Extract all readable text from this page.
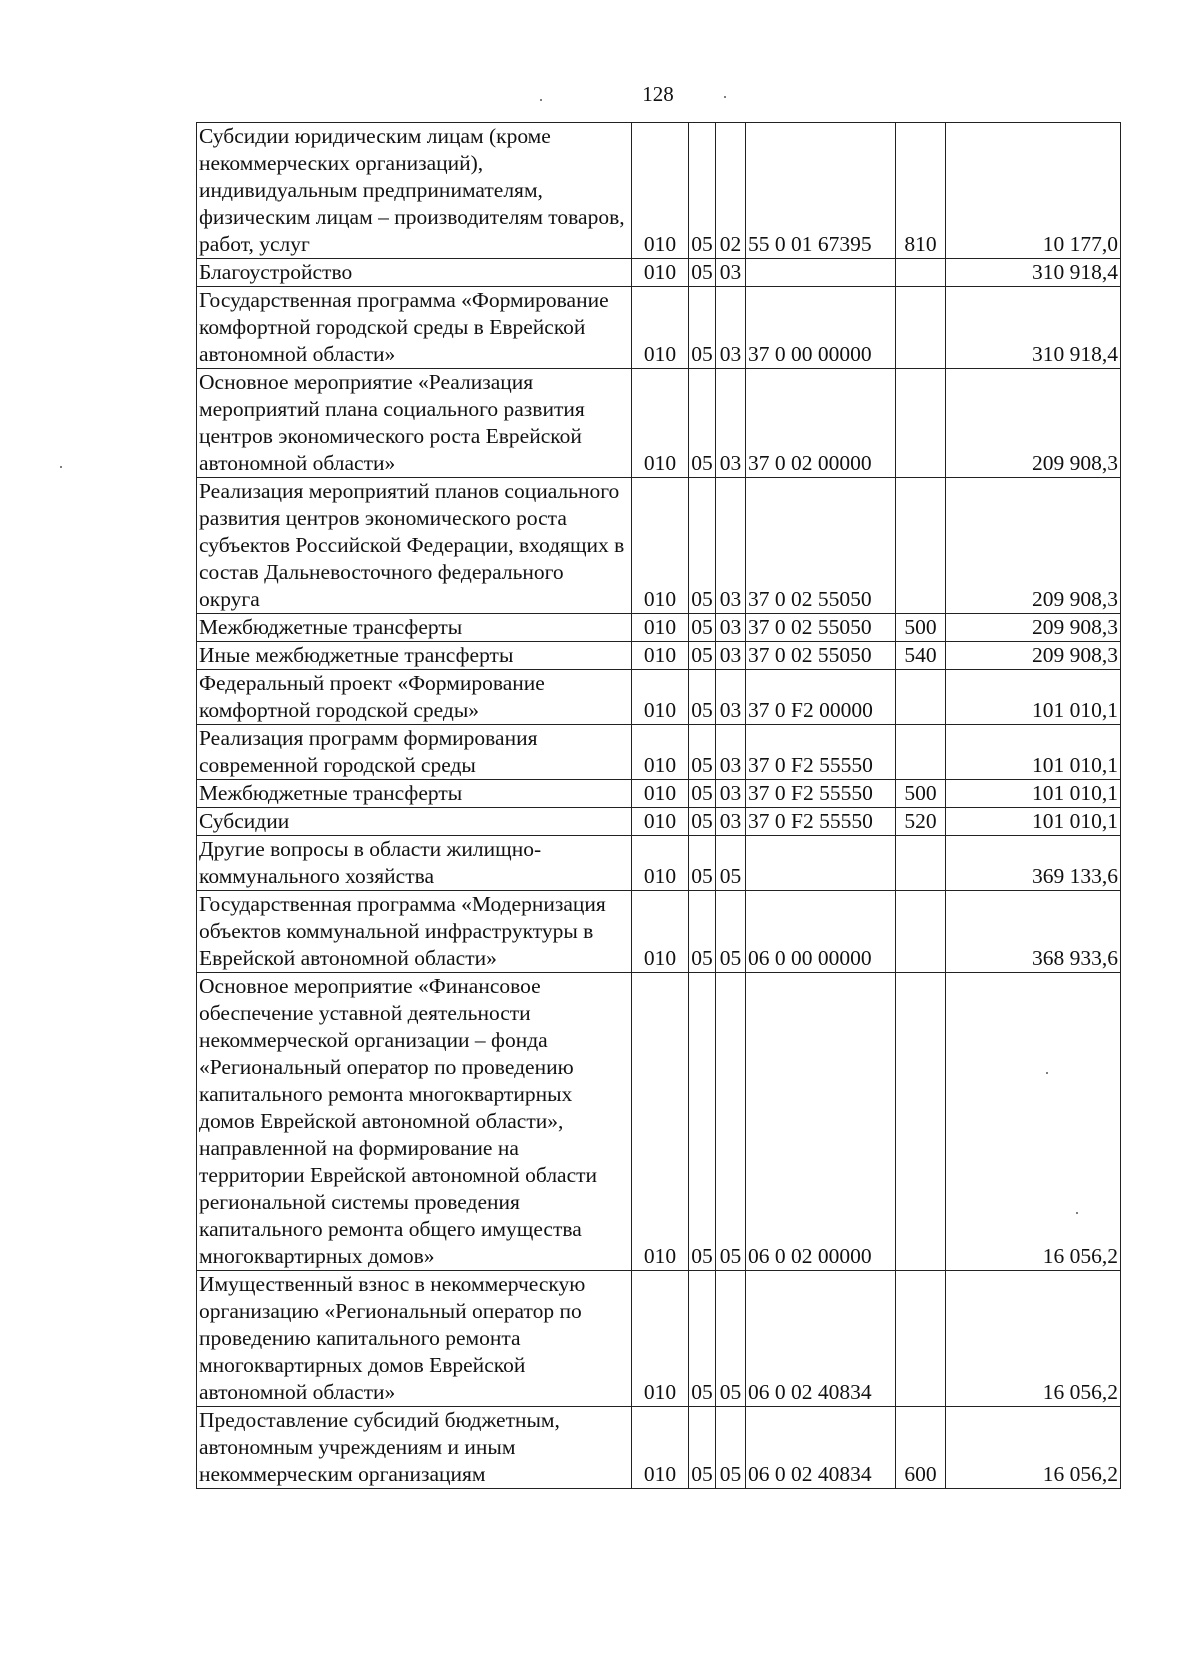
128
Субсидии юридическим лицам (кроме некоммерческих организаций), индивидуальным предпринимателям, физическим лицам – производителям товаров, работ, услуг	010	05	02	55 0 01 67395	810	10 177,0
Благоустройство	010	05	03			310 918,4
Государственная программа «Формирование комфортной городской среды в Еврейской автономной области»	010	05	03	37 0 00 00000		310 918,4
Основное мероприятие «Реализация мероприятий плана социального развития центров экономического роста Еврейской автономной области»	010	05	03	37 0 02 00000		209 908,3
Реализация мероприятий планов социального развития центров экономического роста субъектов Российской Федерации, входящих в состав Дальневосточного федерального округа	010	05	03	37 0 02 55050		209 908,3
Межбюджетные трансферты	010	05	03	37 0 02 55050	500	209 908,3
Иные межбюджетные трансферты	010	05	03	37 0 02 55050	540	209 908,3
Федеральный проект «Формирование комфортной городской среды»	010	05	03	37 0 F2 00000		101 010,1
Реализация программ формирования современной городской среды	010	05	03	37 0 F2 55550		101 010,1
Межбюджетные трансферты	010	05	03	37 0 F2 55550	500	101 010,1
Субсидии	010	05	03	37 0 F2 55550	520	101 010,1
Другие вопросы в области жилищно-коммунального хозяйства	010	05	05			369 133,6
Государственная программа «Модернизация объектов коммунальной инфраструктуры в Еврейской автономной области»	010	05	05	06 0 00 00000		368 933,6
Основное мероприятие «Финансовое обеспечение уставной деятельности некоммерческой организации – фонда «Региональный оператор по проведению капитального ремонта многоквартирных домов Еврейской автономной области», направленной на формирование на территории Еврейской автономной области региональной системы проведения капитального ремонта общего имущества многоквартирных домов»	010	05	05	06 0 02 00000		16 056,2
Имущественный взнос в некоммерческую организацию «Региональный оператор по проведению капитального ремонта многоквартирных домов Еврейской автономной области»	010	05	05	06 0 02 40834		16 056,2
Предоставление субсидий бюджетным, автономным учреждениям и иным некоммерческим организациям	010	05	05	06 0 02 40834	600	16 056,2
